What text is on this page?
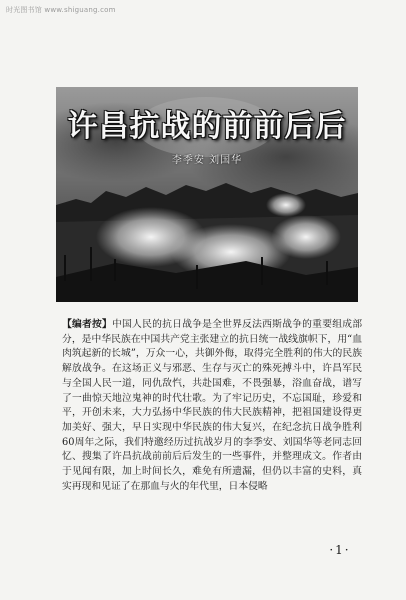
时光图书馆 www.shiguang.com
许昌抗战的前前后后
李季安 刘国华
【编者按】中国人民的抗日战争是全世界反法西斯战争的重要组成部分，是中华民族在中国共产党主张建立的抗日统一战线旗帜下，用“血肉筑起新的长城”，万众一心，共御外侮，取得完全胜利的伟大的民族解放战争。在这场正义与邪恶、生存与灭亡的殊死搏斗中，许昌军民与全国人民一道，同仇敌忾，共赴国难，不畏强暴，浴血奋战，谱写了一曲惊天地泣鬼神的时代壮歌。为了牢记历史，不忘国耻，珍爱和平，开创未来，大力弘扬中华民族的伟大民族精神，把祖国建设得更加美好、强大，早日实现中华民族的伟大复兴，在纪念抗日战争胜利60周年之际，我们特邀经历过抗战岁月的李季安、刘国华等老同志回忆、搜集了许昌抗战前前后后发生的一些事件，并整理成文。作者由于见闻有限，加上时间长久，难免有所遗漏，但仍以丰富的史料，真实再现和见证了在那血与火的年代里，日本侵略
·1·
